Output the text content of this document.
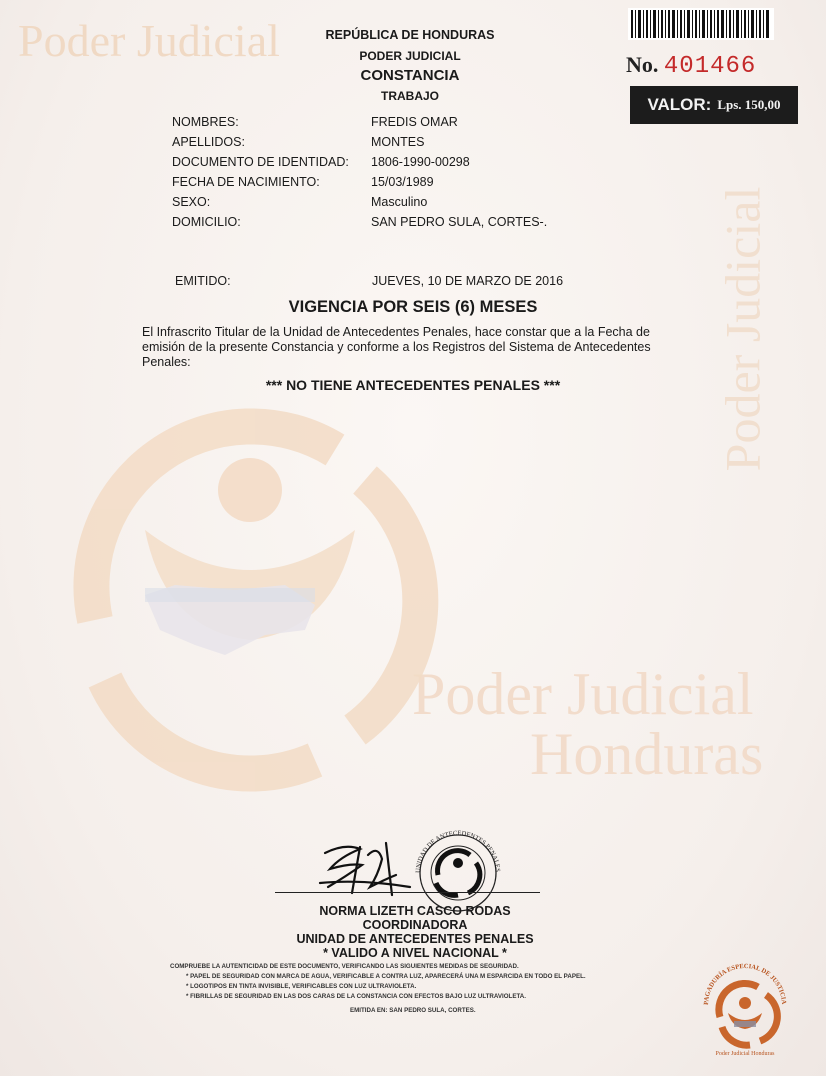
Poder Judicial
Poder Judicial
Poder Judicial
Honduras
REPÚBLICA DE HONDURAS
PODER JUDICIAL
CONSTANCIA
TRABAJO
No. 401466
VALOR: Lps. 150,00
NOMBRES:	FREDIS OMAR
APELLIDOS:	MONTES
DOCUMENTO DE IDENTIDAD:	1806-1990-00298
FECHA DE NACIMIENTO:	15/03/1989
SEXO:	Masculino
DOMICILIO:	SAN PEDRO SULA, CORTES-.
EMITIDO:	JUEVES, 10 DE MARZO DE 2016
VIGENCIA POR SEIS (6) MESES
El Infrascrito Titular de la Unidad de Antecedentes Penales, hace constar que a la Fecha de emisión de la presente Constancia y conforme a los Registros del Sistema de Antecedentes Penales:
*** NO TIENE ANTECEDENTES PENALES ***
UNIDAD DE ANTECEDENTES PENALES
NORMA LIZETH CASCO RODAS
COORDINADORA
UNIDAD DE ANTECEDENTES PENALES
* VALIDO A NIVEL NACIONAL *
COMPRUEBE LA AUTENTICIDAD DE ESTE DOCUMENTO, VERIFICANDO LAS SIGUIENTES MEDIDAS DE SEGURIDAD.
* PAPEL DE SEGURIDAD CON MARCA DE AGUA, VERIFICABLE A CONTRA LUZ, APARECERÁ UNA M ESPARCIDA EN TODO EL PAPEL.
* LOGOTIPOS EN TINTA INVISIBLE, VERIFICABLES CON LUZ ULTRAVIOLETA.
* FIBRILLAS DE SEGURIDAD EN LAS DOS CARAS DE LA CONSTANCIA CON EFECTOS BAJO LUZ ULTRAVIOLETA.
EMITIDA EN: SAN PEDRO SULA, CORTES.
PAGADURÍA ESPECIAL DE JUSTICIA
Poder Judicial Honduras
